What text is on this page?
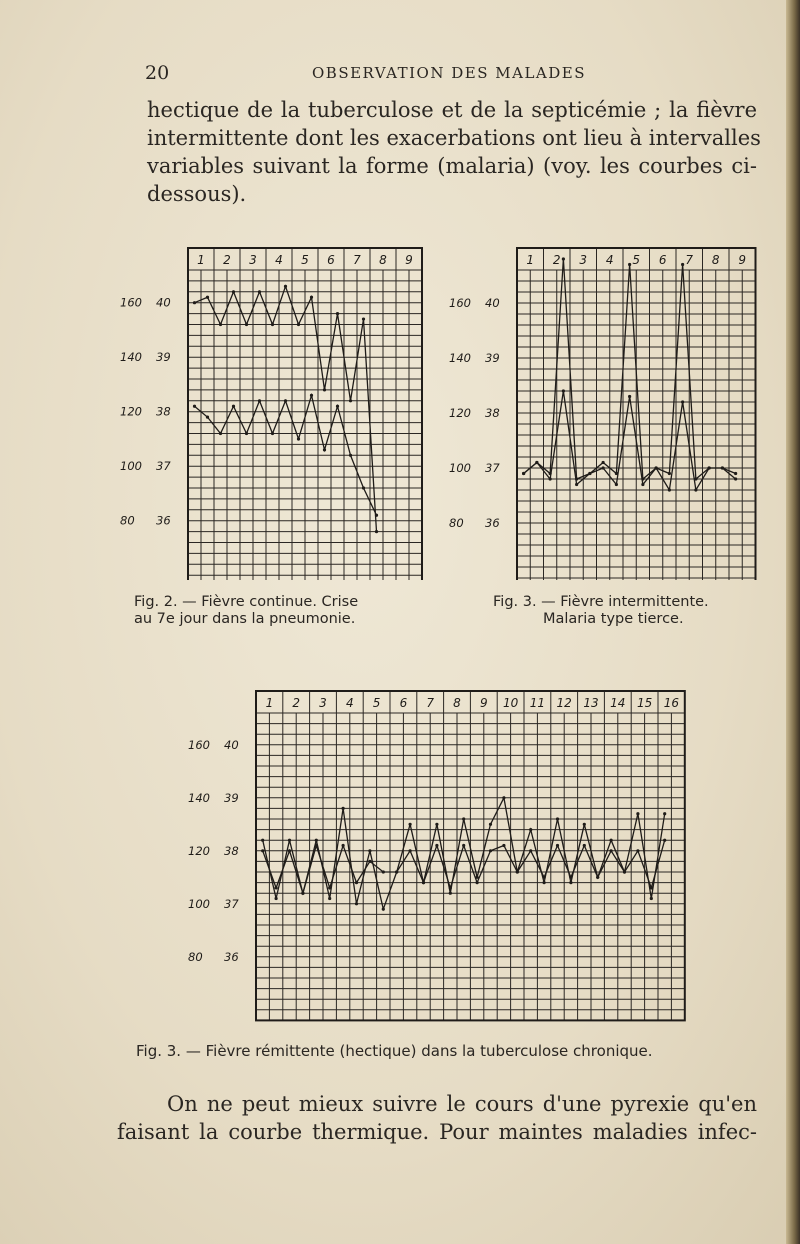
20	OBSERVATION DES MALADES
hectique de la tuberculose et de la septicémie ; la fièvre
intermittente dont les exacerbations ont lieu à intervalles
variables suivant la forme (malaria) (voy. les courbes ci-
dessous).
1 2 3 4 5 6 7 8 9
160 40
140 39
120 38
100 37
80 36
1 2 3 4 5 6 7 8 9
160 40
140 39
120 38
100 37
80 36
1 2 3 4 5 6 7 8 9 10 11 12 13 14 15 16
160 40
140 39
120 38
100 37
80 36
Fig. 2. — Fièvre continue. Crise
au 7e jour dans la pneumonie.
Fig. 3. — Fièvre intermittente.
Malaria type tierce.
Fig. 3. — Fièvre rémittente (hectique) dans la tuberculose chronique.
On ne peut mieux suivre le cours d'une pyrexie qu'en
faisant la courbe thermique. Pour maintes maladies infec-
